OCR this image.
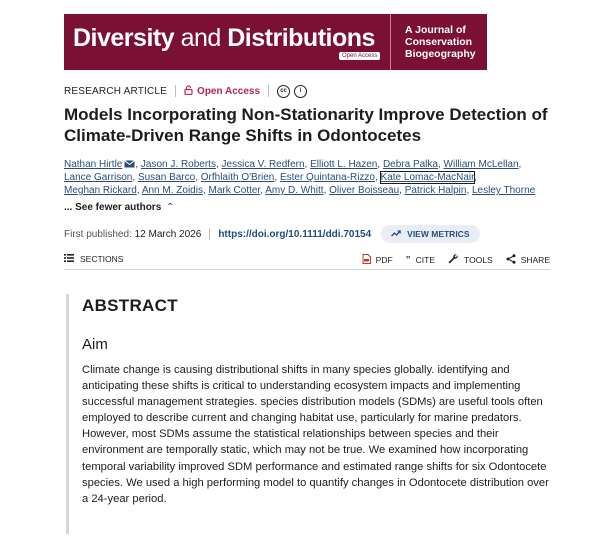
Diversity and Distributions
Open Access
A Journal of
Conservation
Biogeography
RESEARCH ARTICLE	Open Access	cc	i
Models Incorporating Non-Stationarity Improve Detection of Climate-Driven Range Shifts in Odontocetes
Nathan Hirtle , Jason J. Roberts, Jessica V. Redfern, Elliott L. Hazen, Debra Palka, William McLellan, Lance Garrison, Susan Barco, Orfhlaith O'Brien, Ester Quintana-Rizzo, Kate Lomac-MacNair, Meghan Rickard, Ann M. Zoidis, Mark Cotter, Amy D. Whitt, Oliver Boisseau, Patrick Halpin, Lesley Thorne
... See fewer authors ⌃
First published:
12 March 2026 https://doi.org/10.1111/ddi.70154	VIEW METRICS
SECTIONS	PDF ” CITE	TOOLS	SHARE
ABSTRACT
Aim

Climate change is causing distributional shifts in many species globally. identifying and anticipating these shifts is critical to understanding ecosystem impacts and implementing successful management strategies. species distribution models (SDMs) are useful tools often employed to describe current and changing habitat use, particularly for marine predators. However, most SDMs assume the statistical relationships between species and their environment are temporally static, which may not be true. We examined how incorporating temporal variability improved SDM performance and estimated range shifts for six Odontocete species. We used a high performing model to quantify changes in Odontocete distribution over a 24-year period.
